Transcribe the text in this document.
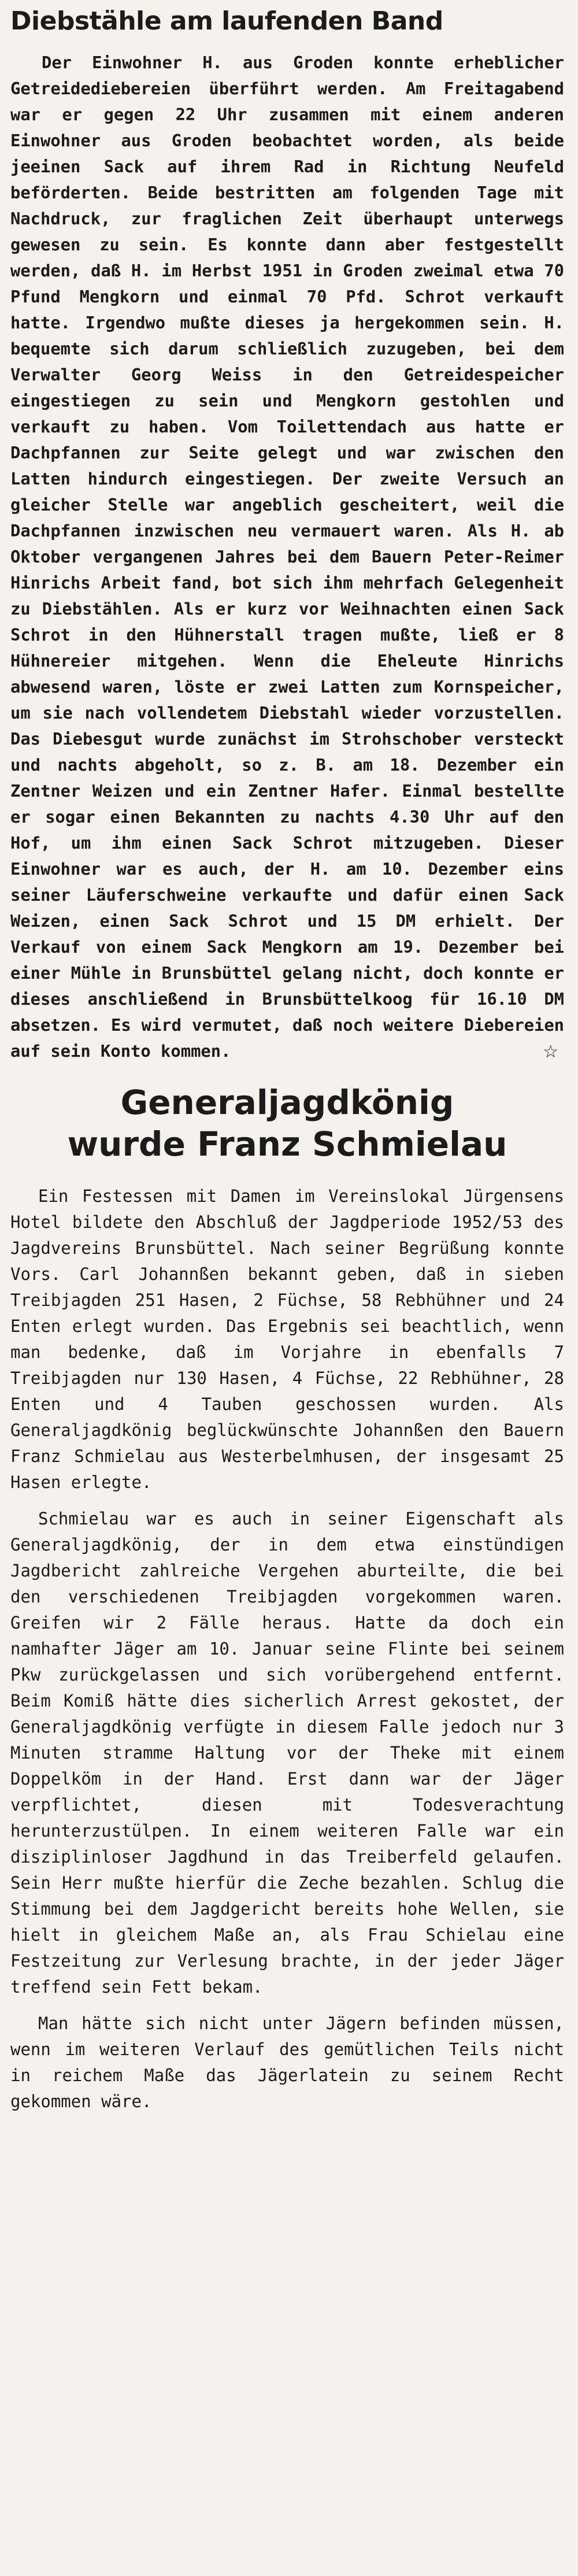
Diebstähle am laufenden Band

Der Einwohner H. aus Groden konnte erheblicher Getreidediebereien überführt werden. Am Freitagabend war er gegen 22 Uhr zusammen mit einem anderen Einwohner aus Groden beobachtet worden, als beide jeeinen Sack auf ihrem Rad in Richtung Neufeld beförderten. Beide bestritten am folgenden Tage mit Nachdruck, zur fraglichen Zeit überhaupt unterwegs gewesen zu sein. Es konnte dann aber festgestellt werden, daß H. im Herbst 1951 in Groden zweimal etwa 70 Pfund Mengkorn und einmal 70 Pfd. Schrot verkauft hatte. Irgendwo mußte dieses ja hergekommen sein. H. bequemte sich darum schließlich zuzugeben, bei dem Verwalter Georg Weiss in den Getreidespeicher eingestiegen zu sein und Mengkorn gestohlen und verkauft zu haben. Vom Toilettendach aus hatte er Dachpfannen zur Seite gelegt und war zwischen den Latten hindurch eingestiegen. Der zweite Versuch an gleicher Stelle war angeblich gescheitert, weil die Dachpfannen inzwischen neu vermauert waren. Als H. ab Oktober vergangenen Jahres bei dem Bauern Peter-Reimer Hinrichs Arbeit fand, bot sich ihm mehrfach Gelegenheit zu Diebstählen. Als er kurz vor Weihnachten einen Sack Schrot in den Hühnerstall tragen mußte, ließ er 8 Hühnereier mitgehen. Wenn die Eheleute Hinrichs abwesend waren, löste er zwei Latten zum Kornspeicher, um sie nach vollendetem Diebstahl wieder vorzustellen. Das Diebesgut wurde zunächst im Strohschober versteckt und nachts abgeholt, so z. B. am 18. Dezember ein Zentner Weizen und ein Zentner Hafer. Einmal bestellte er sogar einen Bekannten zu nachts 4.30 Uhr auf den Hof, um ihm einen Sack Schrot mitzugeben. Dieser Einwohner war es auch, der H. am 10. Dezember eins seiner Läuferschweine verkaufte und dafür einen Sack Weizen, einen Sack Schrot und 15 DM erhielt. Der Verkauf von einem Sack Mengkorn am 19. Dezember bei einer Mühle in Brunsbüttel gelang nicht, doch konnte er dieses anschließend in Brunsbüttelkoog für 16.10 DM absetzen. Es wird vermutet, daß noch weitere Diebereien auf sein Konto kommen.	☆
Generaljagdkönig
wurde Franz Schmielau

Ein Festessen mit Damen im Vereinslokal Jürgensens Hotel bildete den Abschluß der Jagdperiode 1952/53 des Jagdvereins Brunsbüttel. Nach seiner Begrüßung konnte Vors. Carl Johannßen bekannt geben, daß in sieben Treibjagden 251 Hasen, 2 Füchse, 58 Rebhühner und 24 Enten erlegt wurden. Das Ergebnis sei beachtlich, wenn man bedenke, daß im Vorjahre in ebenfalls 7 Treibjagden nur 130 Hasen, 4 Füchse, 22 Rebhühner, 28 Enten und 4 Tauben geschossen wurden. Als Generaljagdkönig beglückwünschte Johannßen den Bauern Franz Schmielau aus Westerbelmhusen, der insgesamt 25 Hasen erlegte.

Schmielau war es auch in seiner Eigenschaft als Generaljagdkönig, der in dem etwa einstündigen Jagdbericht zahlreiche Vergehen aburteilte, die bei den verschiedenen Treibjagden vorgekommen waren. Greifen wir 2 Fälle heraus. Hatte da doch ein namhafter Jäger am 10. Januar seine Flinte bei seinem Pkw zurückgelassen und sich vorübergehend entfernt. Beim Komiß hätte dies sicherlich Arrest gekostet, der Generaljagdkönig verfügte in diesem Falle jedoch nur 3 Minuten stramme Haltung vor der Theke mit einem Doppelköm in der Hand. Erst dann war der Jäger verpflichtet, diesen mit Todesverachtung herunterzustülpen. In einem weiteren Falle war ein disziplinloser Jagdhund in das Treiberfeld gelaufen. Sein Herr mußte hierfür die Zeche bezahlen. Schlug die Stimmung bei dem Jagdgericht bereits hohe Wellen, sie hielt in gleichem Maße an, als Frau Schielau eine Festzeitung zur Verlesung brachte, in der jeder Jäger treffend sein Fett bekam.

Man hätte sich nicht unter Jägern befinden müssen, wenn im weiteren Verlauf des gemütlichen Teils nicht in reichem Maße das Jägerlatein zu seinem Recht gekommen wäre.
